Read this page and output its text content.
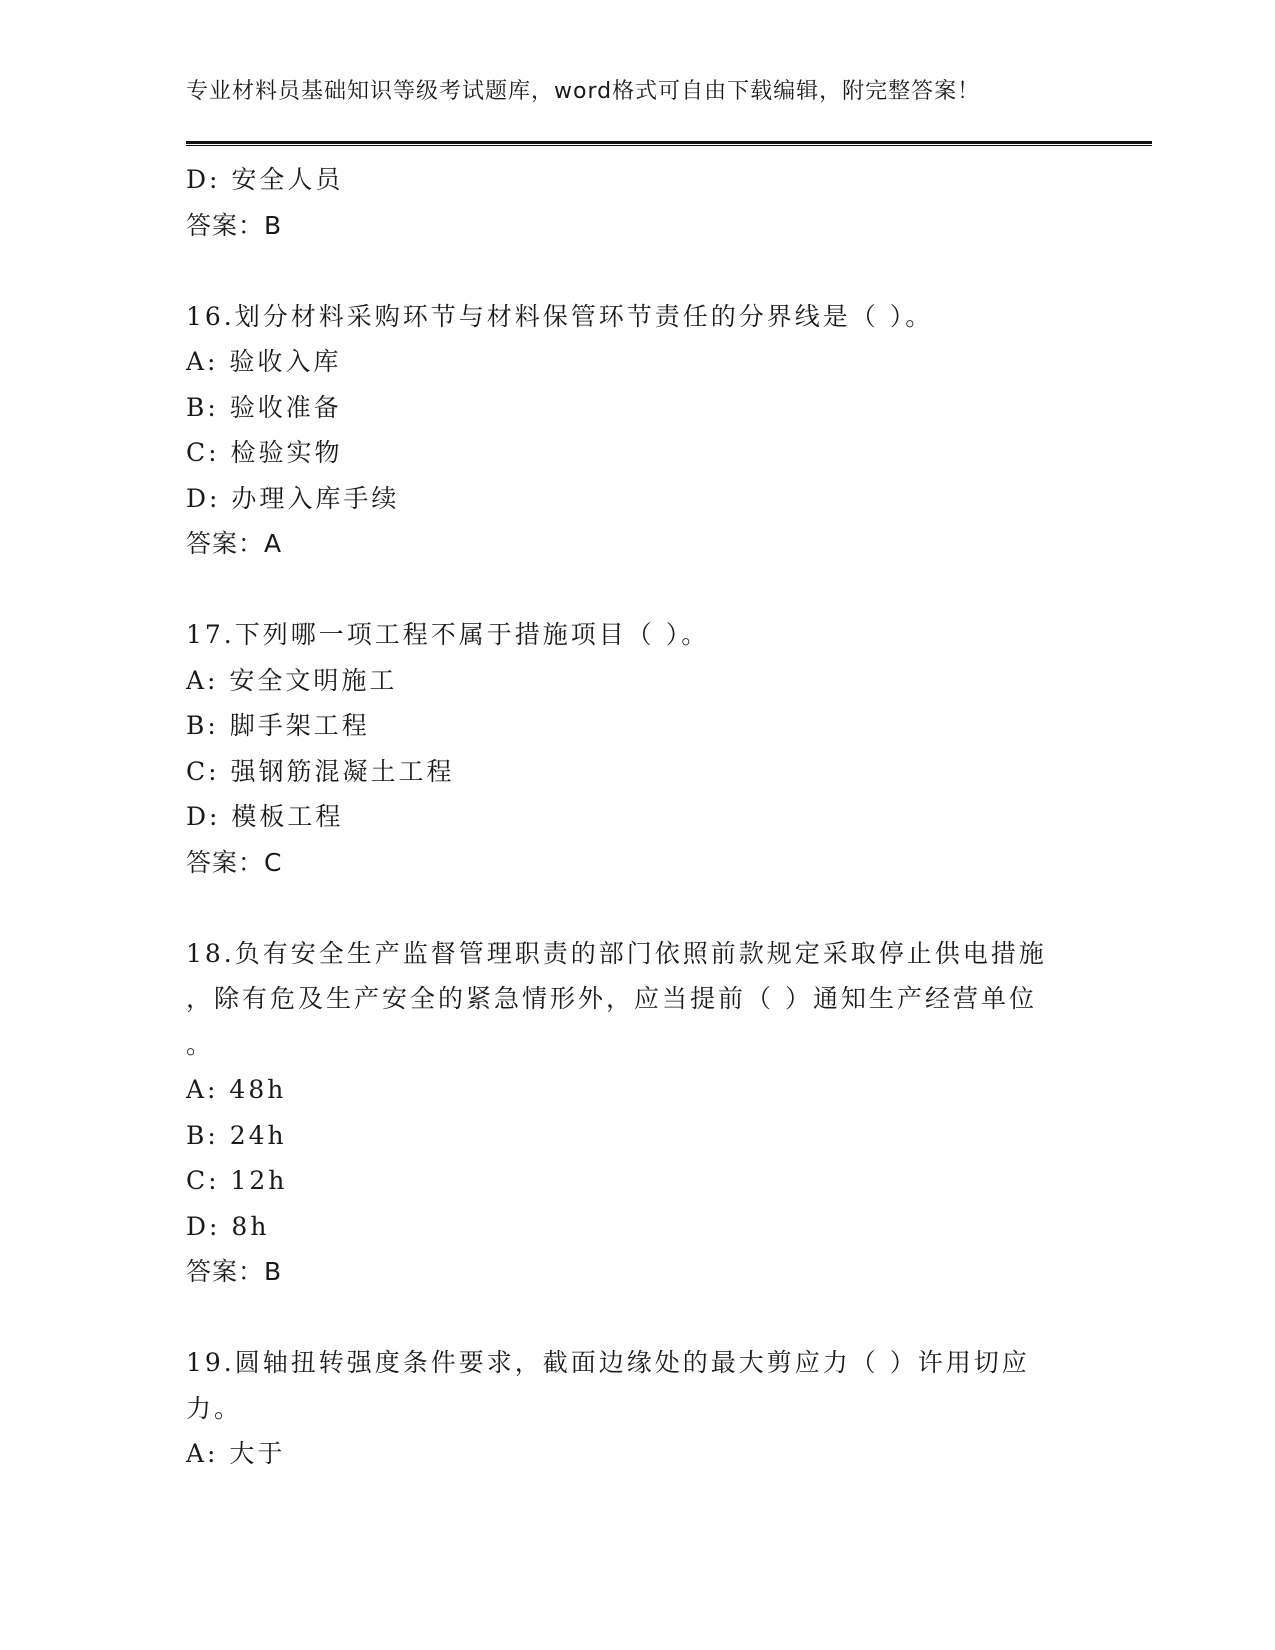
专业材料员基础知识等级考试题库，word格式可自由下载编辑，附完整答案！
D: 安全人员
答案：B
16.划分材料采购环节与材料保管环节责任的分界线是（ ）。
A: 验收入库
B: 验收准备
C: 检验实物
D: 办理入库手续
答案：A
17.下列哪一项工程不属于措施项目（ ）。
A: 安全文明施工
B: 脚手架工程
C: 强钢筋混凝土工程
D: 模板工程
答案：C
18.负有安全生产监督管理职责的部门依照前款规定采取停止供电措施
，除有危及生产安全的紧急情形外，应当提前（ ）通知生产经营单位
。
A: 48h
B: 24h
C: 12h
D: 8h
答案：B
19.圆轴扭转强度条件要求，截面边缘处的最大剪应力（ ）许用切应
力。
A: 大于
